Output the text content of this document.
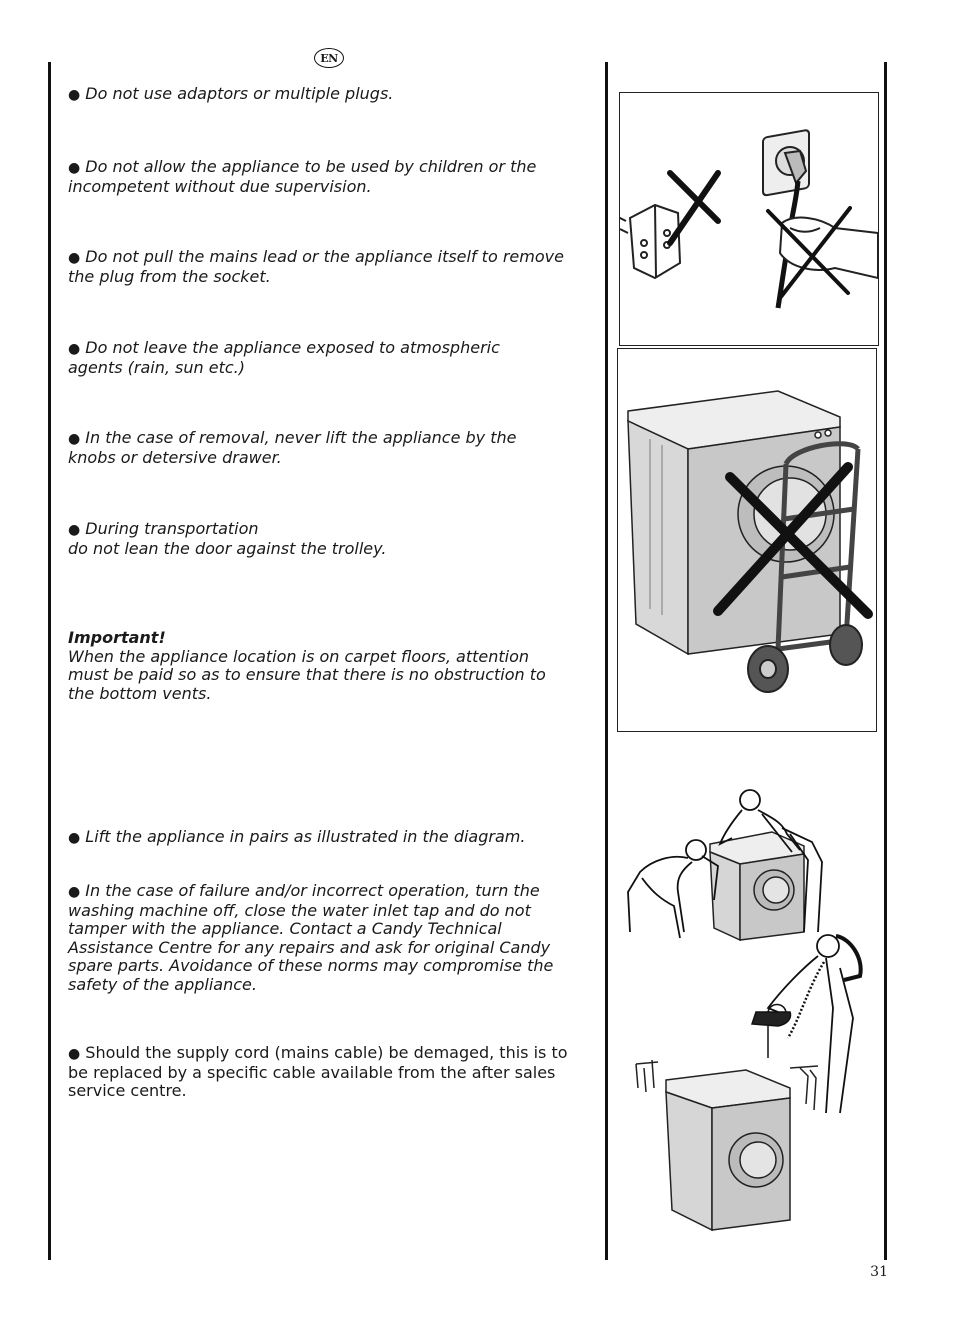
EN

● Do not use adaptors or multiple plugs.

● Do not allow the appliance to be used by children or the incompetent without due supervision.

● Do not pull the mains lead or the appliance itself to remove the plug from the socket.

● Do not leave the appliance exposed to atmospheric agents (rain, sun etc.)

● In the case of removal, never lift the appliance by the knobs or detersive drawer.

● During transportation
do not lean the door against the trolley.

Important!
When the appliance location is on carpet floors, attention must be paid so as to ensure that there is no obstruction to the bottom vents.

● Lift the appliance in pairs as illustrated in the diagram.

● In the case of failure and/or incorrect operation, turn the washing machine off, close the water inlet tap and do not tamper with the appliance. Contact a Candy Technical Assistance Centre for any repairs and ask for original Candy spare parts. Avoidance of these norms may compromise the safety of the appliance.

● Should the supply cord (mains cable) be demaged, this is to be replaced by a specific cable available from the after sales service centre.

31
